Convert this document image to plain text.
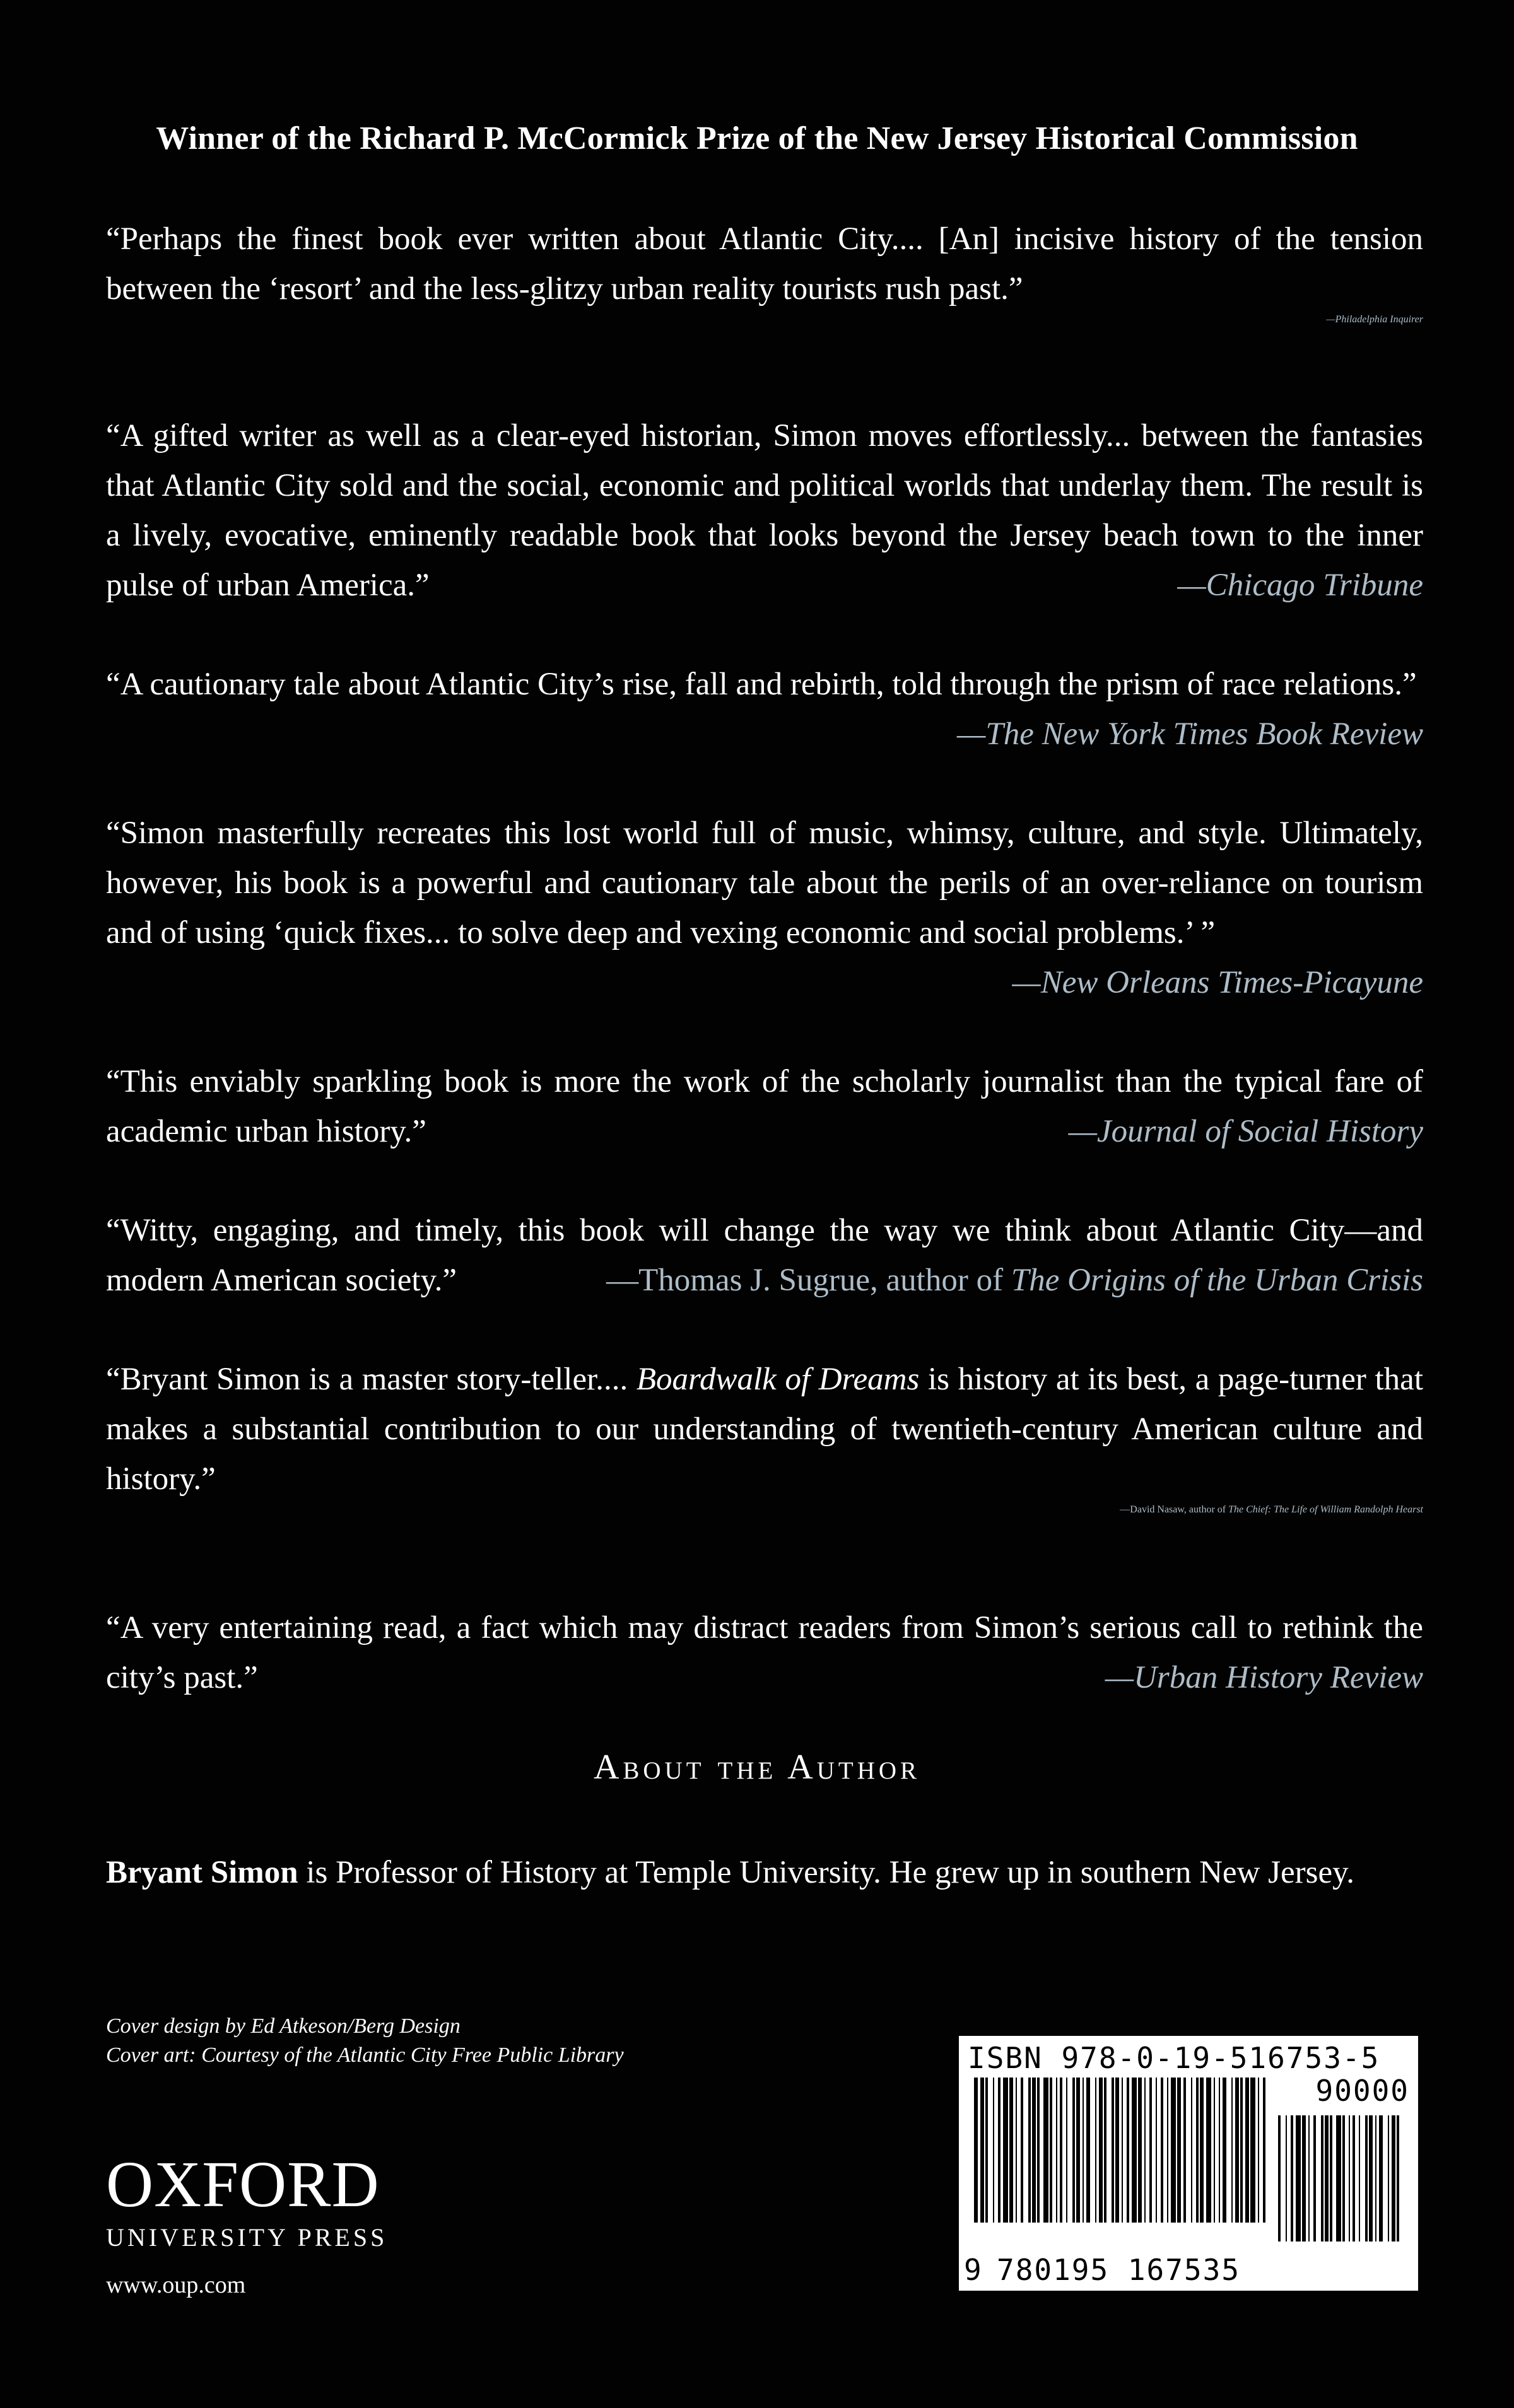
Winner of the Richard P. McCormick Prize of the New Jersey Historical Commission

“Perhaps the finest book ever written about Atlantic City.... [An] incisive history of the tension between the ‘resort’ and the less-glitzy urban reality tourists rush past.”

—Philadelphia Inquirer

“A gifted writer as well as a clear-eyed historian, Simon moves effortlessly... between the fantasies that Atlantic City sold and the social, economic and political worlds that underlay them. The result is a lively, evocative, eminently readable book that looks beyond the Jersey beach town to the inner pulse of urban America.”	—Chicago Tribune

“A cautionary tale about Atlantic City’s rise, fall and rebirth, told through the prism of race relations.”
—The New York Times Book Review

“Simon masterfully recreates this lost world full of music, whimsy, culture, and style. Ultimately, however, his book is a powerful and cautionary tale about the perils of an over-reliance on tourism and of using ‘quick fixes... to solve deep and vexing economic and social problems.’ ”
—New Orleans Times-Picayune

“This enviably sparkling book is more the work of the scholarly journalist than the typical fare of academic urban history.”	—Journal of Social History

“Witty, engaging, and timely, this book will change the way we think about Atlantic City—and modern American society.”	—Thomas J. Sugrue, author of The Origins of the Urban Crisis

“Bryant Simon is a master story-teller.... Boardwalk of Dreams is history at its best, a page-turner that makes a substantial contribution to our understanding of twentieth-century American culture and history.”

—David Nasaw, author of The Chief: The Life of William Randolph Hearst

“A very entertaining read, a fact which may distract readers from Simon’s serious call to rethink the city’s past.”	—Urban History Review

About the Author
Bryant Simon is Professor of History at Temple University. He grew up in southern New Jersey.
Cover design by Ed Atkeson/Berg Design
Cover art: Courtesy of the Atlantic City Free Public Library
OXFORD
UNIVERSITY PRESS
www.oup.com
ISBN 978-0-19-516753-5
90000
9 780195 167535
